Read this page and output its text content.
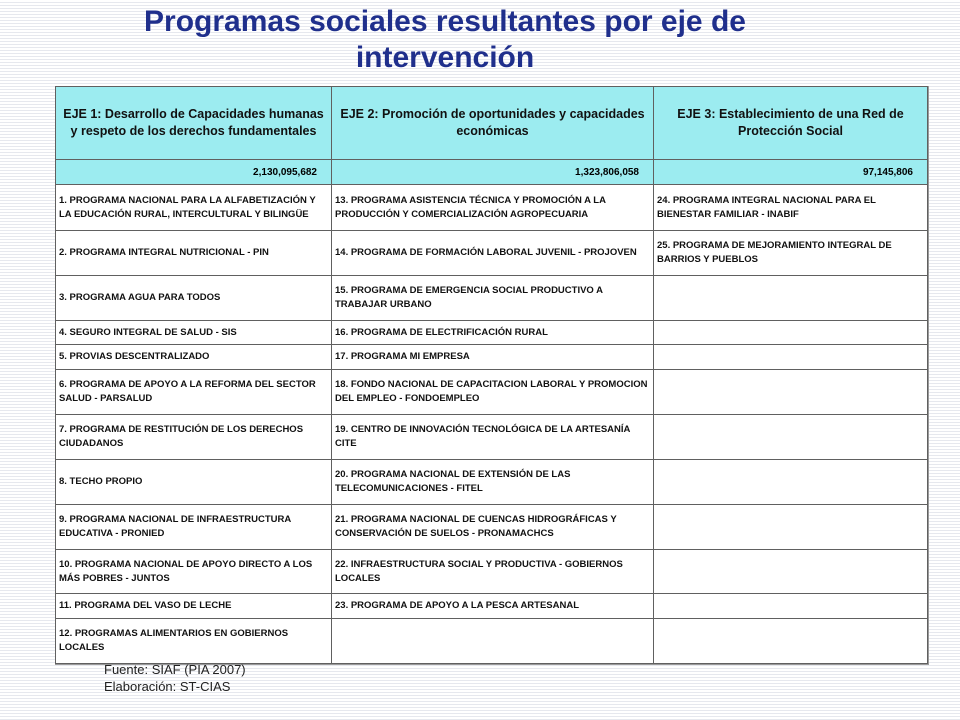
Programas sociales resultantes por eje de
intervención
EJE 1: Desarrollo de Capacidades humanas y respeto de los derechos fundamentales	EJE 2: Promoción de oportunidades y capacidades económicas	EJE 3: Establecimiento de una Red de Protección Social
2,130,095,682	1,323,806,058	97,145,806
1. PROGRAMA NACIONAL PARA LA ALFABETIZACIÓN Y LA EDUCACIÓN RURAL, INTERCULTURAL Y BILINGÜE	13. PROGRAMA ASISTENCIA TÉCNICA Y PROMOCIÓN A LA PRODUCCIÓN Y COMERCIALIZACIÓN AGROPECUARIA	24. PROGRAMA INTEGRAL NACIONAL PARA EL BIENESTAR FAMILIAR - INABIF
2. PROGRAMA INTEGRAL NUTRICIONAL - PIN	14. PROGRAMA DE FORMACIÓN LABORAL JUVENIL - PROJOVEN	25. PROGRAMA DE MEJORAMIENTO INTEGRAL DE BARRIOS Y PUEBLOS
3. PROGRAMA AGUA PARA TODOS	15. PROGRAMA DE EMERGENCIA SOCIAL PRODUCTIVO A TRABAJAR URBANO	
4. SEGURO INTEGRAL DE SALUD - SIS	16. PROGRAMA DE ELECTRIFICACIÓN RURAL	
5. PROVIAS DESCENTRALIZADO	17. PROGRAMA MI EMPRESA	
6. PROGRAMA DE APOYO A LA REFORMA DEL SECTOR SALUD - PARSALUD	18. FONDO NACIONAL DE CAPACITACION LABORAL Y PROMOCION DEL EMPLEO - FONDOEMPLEO	
7. PROGRAMA DE RESTITUCIÓN DE LOS DERECHOS CIUDADANOS	19. CENTRO DE INNOVACIÓN TECNOLÓGICA DE LA ARTESANÍA CITE	
8. TECHO PROPIO	20. PROGRAMA NACIONAL DE EXTENSIÓN DE LAS TELECOMUNICACIONES - FITEL	
9. PROGRAMA NACIONAL DE INFRAESTRUCTURA EDUCATIVA - PRONIED	21. PROGRAMA NACIONAL DE CUENCAS HIDROGRÁFICAS Y CONSERVACIÓN DE SUELOS - PRONAMACHCS	
10. PROGRAMA NACIONAL DE APOYO DIRECTO A LOS MÁS POBRES - JUNTOS	22. INFRAESTRUCTURA SOCIAL Y PRODUCTIVA - GOBIERNOS LOCALES	
11. PROGRAMA DEL VASO DE LECHE	23. PROGRAMA DE APOYO A LA PESCA ARTESANAL	
12. PROGRAMAS ALIMENTARIOS EN GOBIERNOS LOCALES		
Fuente: SIAF (PIA 2007)
Elaboración: ST-CIAS
